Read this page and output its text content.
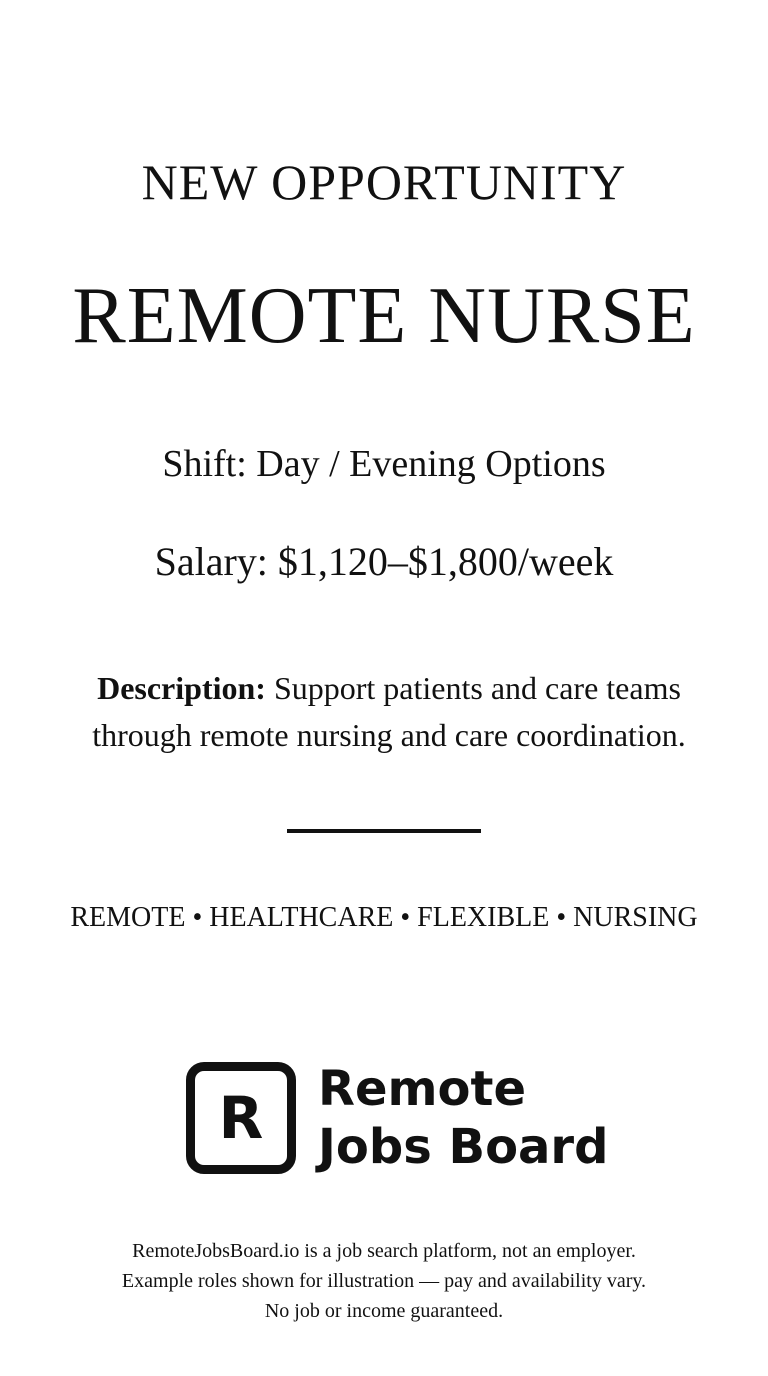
NEW OPPORTUNITY
REMOTE NURSE
Shift: Day / Evening Options
Salary: $1,120–$1,800/week
Description: Support patients and care teams through remote nursing and care coordination.
REMOTE • HEALTHCARE • FLEXIBLE • NURSING
R	Remote
Jobs Board
RemoteJobsBoard.io is a job search platform, not an employer.
Example roles shown for illustration — pay and availability vary.
No job or income guaranteed.
